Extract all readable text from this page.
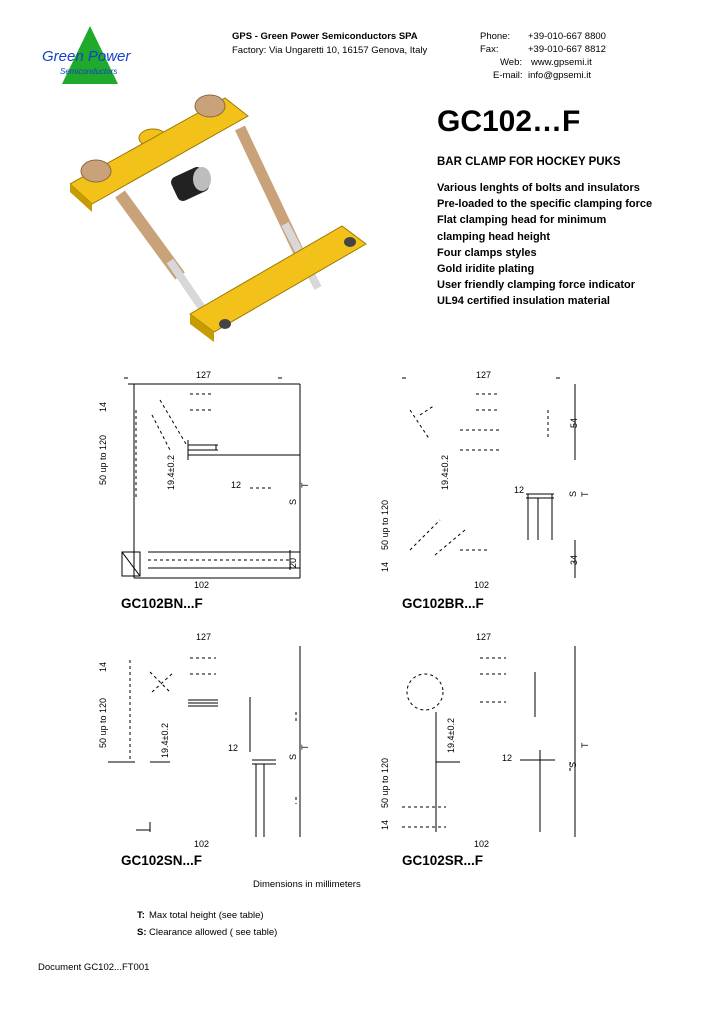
Green Power
Semiconductors
GPS - Green Power Semiconductors SPA
Factory: Via Ungaretti 10, 16157 Genova, Italy
Phone: +39-010-667 8800
Fax:	+39-010-667 8812
Web: www.gpsemi.it
E-mail: info@gpsemi.it
GC102…F
BAR CLAMP FOR HOCKEY PUKS
Various lenghts of bolts and insulators
Pre-loaded to the specific clamping force
Flat clamping head for minimum
clamping head height
Four clamps styles
Gold iridite plating
User friendly clamping force indicator
UL94 certified insulation material
127
14
50 up to 120	19.4±0.2	12
S
T
20
102
GC102BN...F
127
54
19.4±0.2	12	S T
50 up to 120
14
34
102
GC102BR...F
127
14
50 up to 120	19.4±0.2	12
S
T
102
GC102SN...F
127
19.4±0.2
12
S
T
50 up to 120
14
102
GC102SR...F
Dimensions in millimeters
T: Max total height (see table)
S: Clearance allowed ( see table)
Document GC102...FT001
